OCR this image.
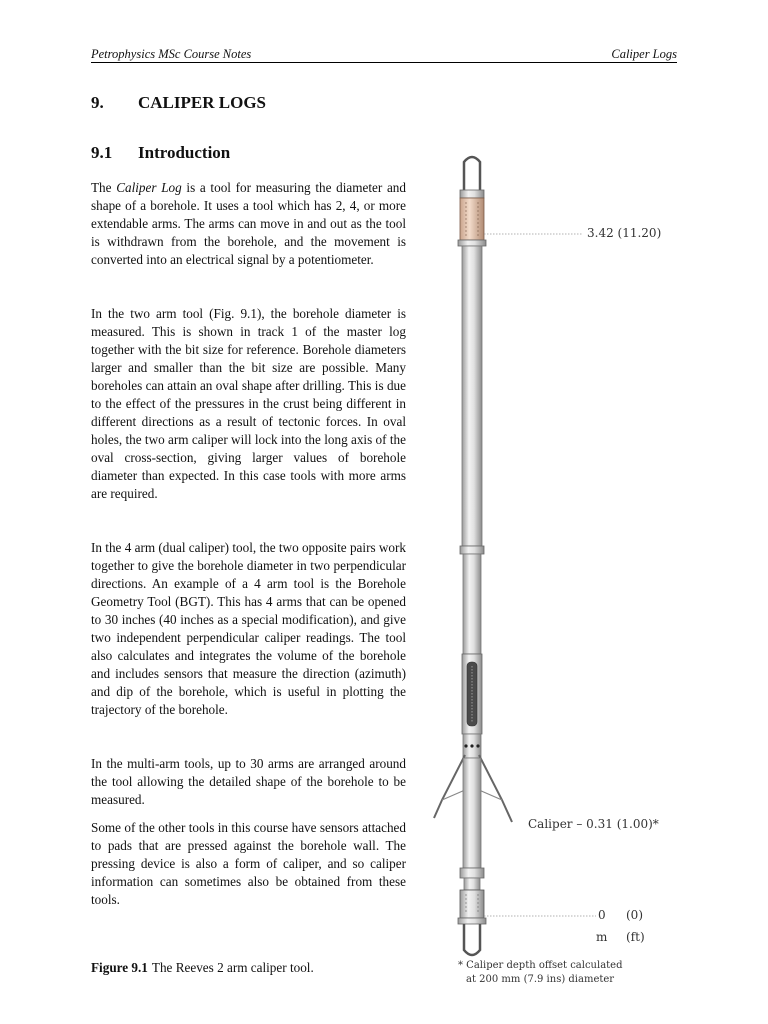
Petrophysics MSc Course Notes	Caliper Logs
9. CALIPER LOGS
9.1 Introduction

The Caliper Log is a tool for measuring the diameter and shape of a borehole. It uses a tool which has 2, 4, or more extendable arms. The arms can move in and out as the tool is withdrawn from the borehole, and the movement is converted into an electrical signal by a potentiometer.

In the two arm tool (Fig. 9.1), the borehole diameter is measured. This is shown in track 1 of the master log together with the bit size for reference. Borehole diameters larger and smaller than the bit size are possible. Many boreholes can attain an oval shape after drilling. This is due to the effect of the pressures in the crust being different in different directions as a result of tectonic forces. In oval holes, the two arm caliper will lock into the long axis of the oval cross-section, giving larger values of borehole diameter than expected. In this case tools with more arms are required.

In the 4 arm (dual caliper) tool, the two opposite pairs work together to give the borehole diameter in two perpendicular directions. An example of a 4 arm tool is the Borehole Geometry Tool (BGT). This has 4 arms that can be opened to 30 inches (40 inches as a special modification), and give two independent perpendicular caliper readings. The tool also calculates and integrates the volume of the borehole and includes sensors that measure the direction (azimuth) and dip of the borehole, which is useful in plotting the trajectory of the borehole.

In the multi-arm tools, up to 30 arms are arranged around the tool allowing the detailed shape of the borehole to be measured.

Some of the other tools in this course have sensors attached to pads that are pressed against the borehole wall. The pressing device is also a form of caliper, and so caliper information can sometimes also be obtained from these tools.

Figure 9.1 The Reeves 2 arm caliper tool.
3.42 (11.20)
Caliper – 0.31 (1.00)*
0 (0)
m (ft)
* Caliper depth offset calculated
at 200 mm (7.9 ins) diameter
